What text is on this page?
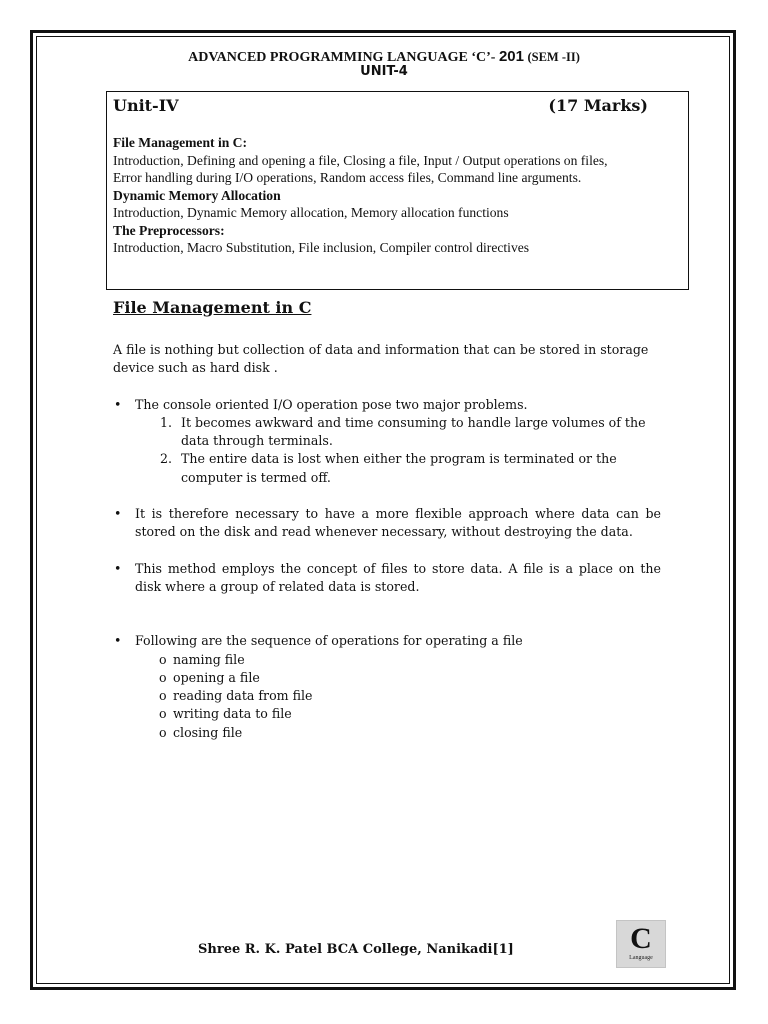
ADVANCED PROGRAMMING LANGUAGE ‘C’- 201 (SEM -II)
UNIT-4
Unit-IV	(17 Marks)
File Management in C:
Introduction, Defining and opening a file, Closing a file, Input / Output operations on files,
Error handling during I/O operations, Random access files, Command line arguments.
Dynamic Memory Allocation
Introduction, Dynamic Memory allocation, Memory allocation functions
The Preprocessors:
Introduction, Macro Substitution, File inclusion, Compiler control directives
File Management in C

A file is nothing but collection of data and information that can be stored in storage device such as hard disk .

• The console oriented I/O operation pose two major problems.
1. It becomes awkward and time consuming to handle large volumes of the data through terminals.
2. The entire data is lost when either the program is terminated or the computer is termed off.
• It is therefore necessary to have a more flexible approach where data can be stored on the disk and read whenever necessary, without destroying the data.
• This method employs the concept of files to store data. A file is a place on the disk where a group of related data is stored.
• Following are the sequence of operations for operating a file
o naming file
o opening a file
o reading data from file
o writing data to file
o closing file
Shree R. K. Patel BCA College, Nanikadi[1]	C
Language
